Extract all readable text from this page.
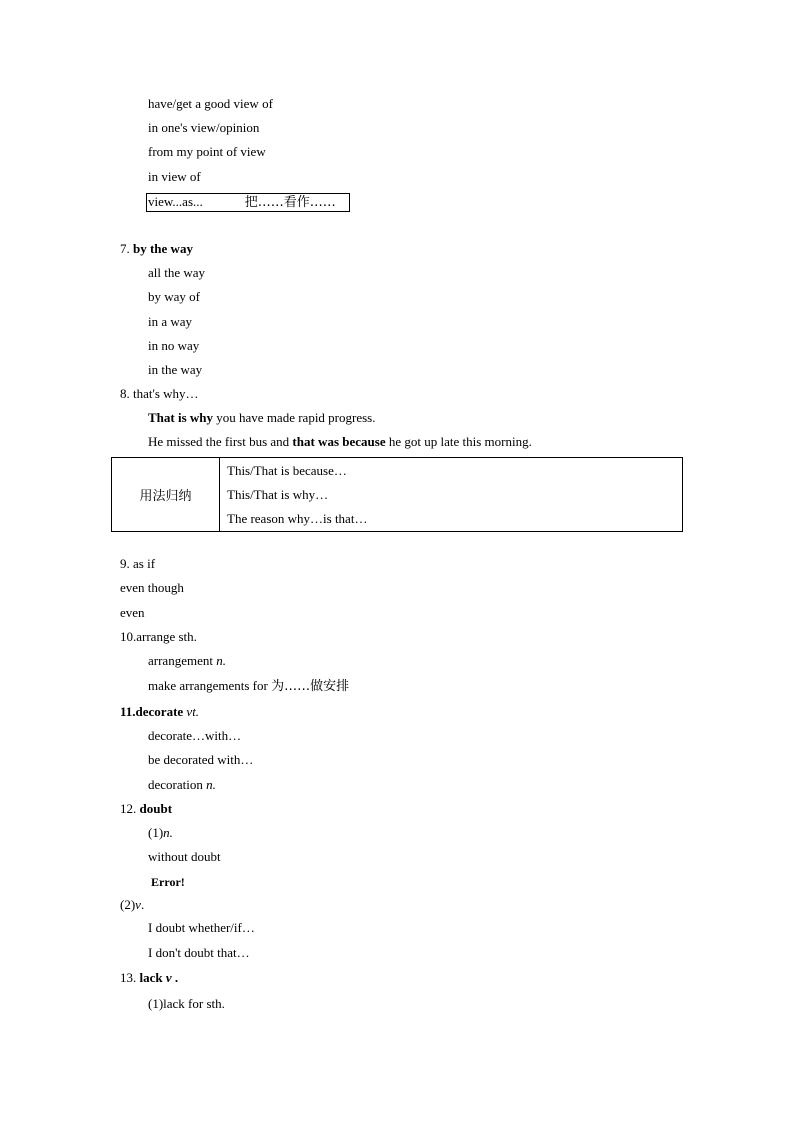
have/get a good view of
in one's view/opinion
from my point of view
in view of
view...as...	把……看作……
7. by the way
all the way
by way of
in a way
in no way
in the way
8. that's why…
That is why you have made rapid progress.
He missed the first bus and that was because he got up late this morning.
用法归纳	
This/That is because…
This/That is why…
The reason why…is that…
9. as if
even though
even
10.arrange sth.
arrangement n.
make arrangements for 为……做安排
11.decorate vt.
decorate…with…
be decorated with…
decoration n.
12. doubt
(1)n.
without doubt
Error!
(2)v.
I doubt whether/if…
I don't doubt that…
13. lack v .
(1)lack for sth.
